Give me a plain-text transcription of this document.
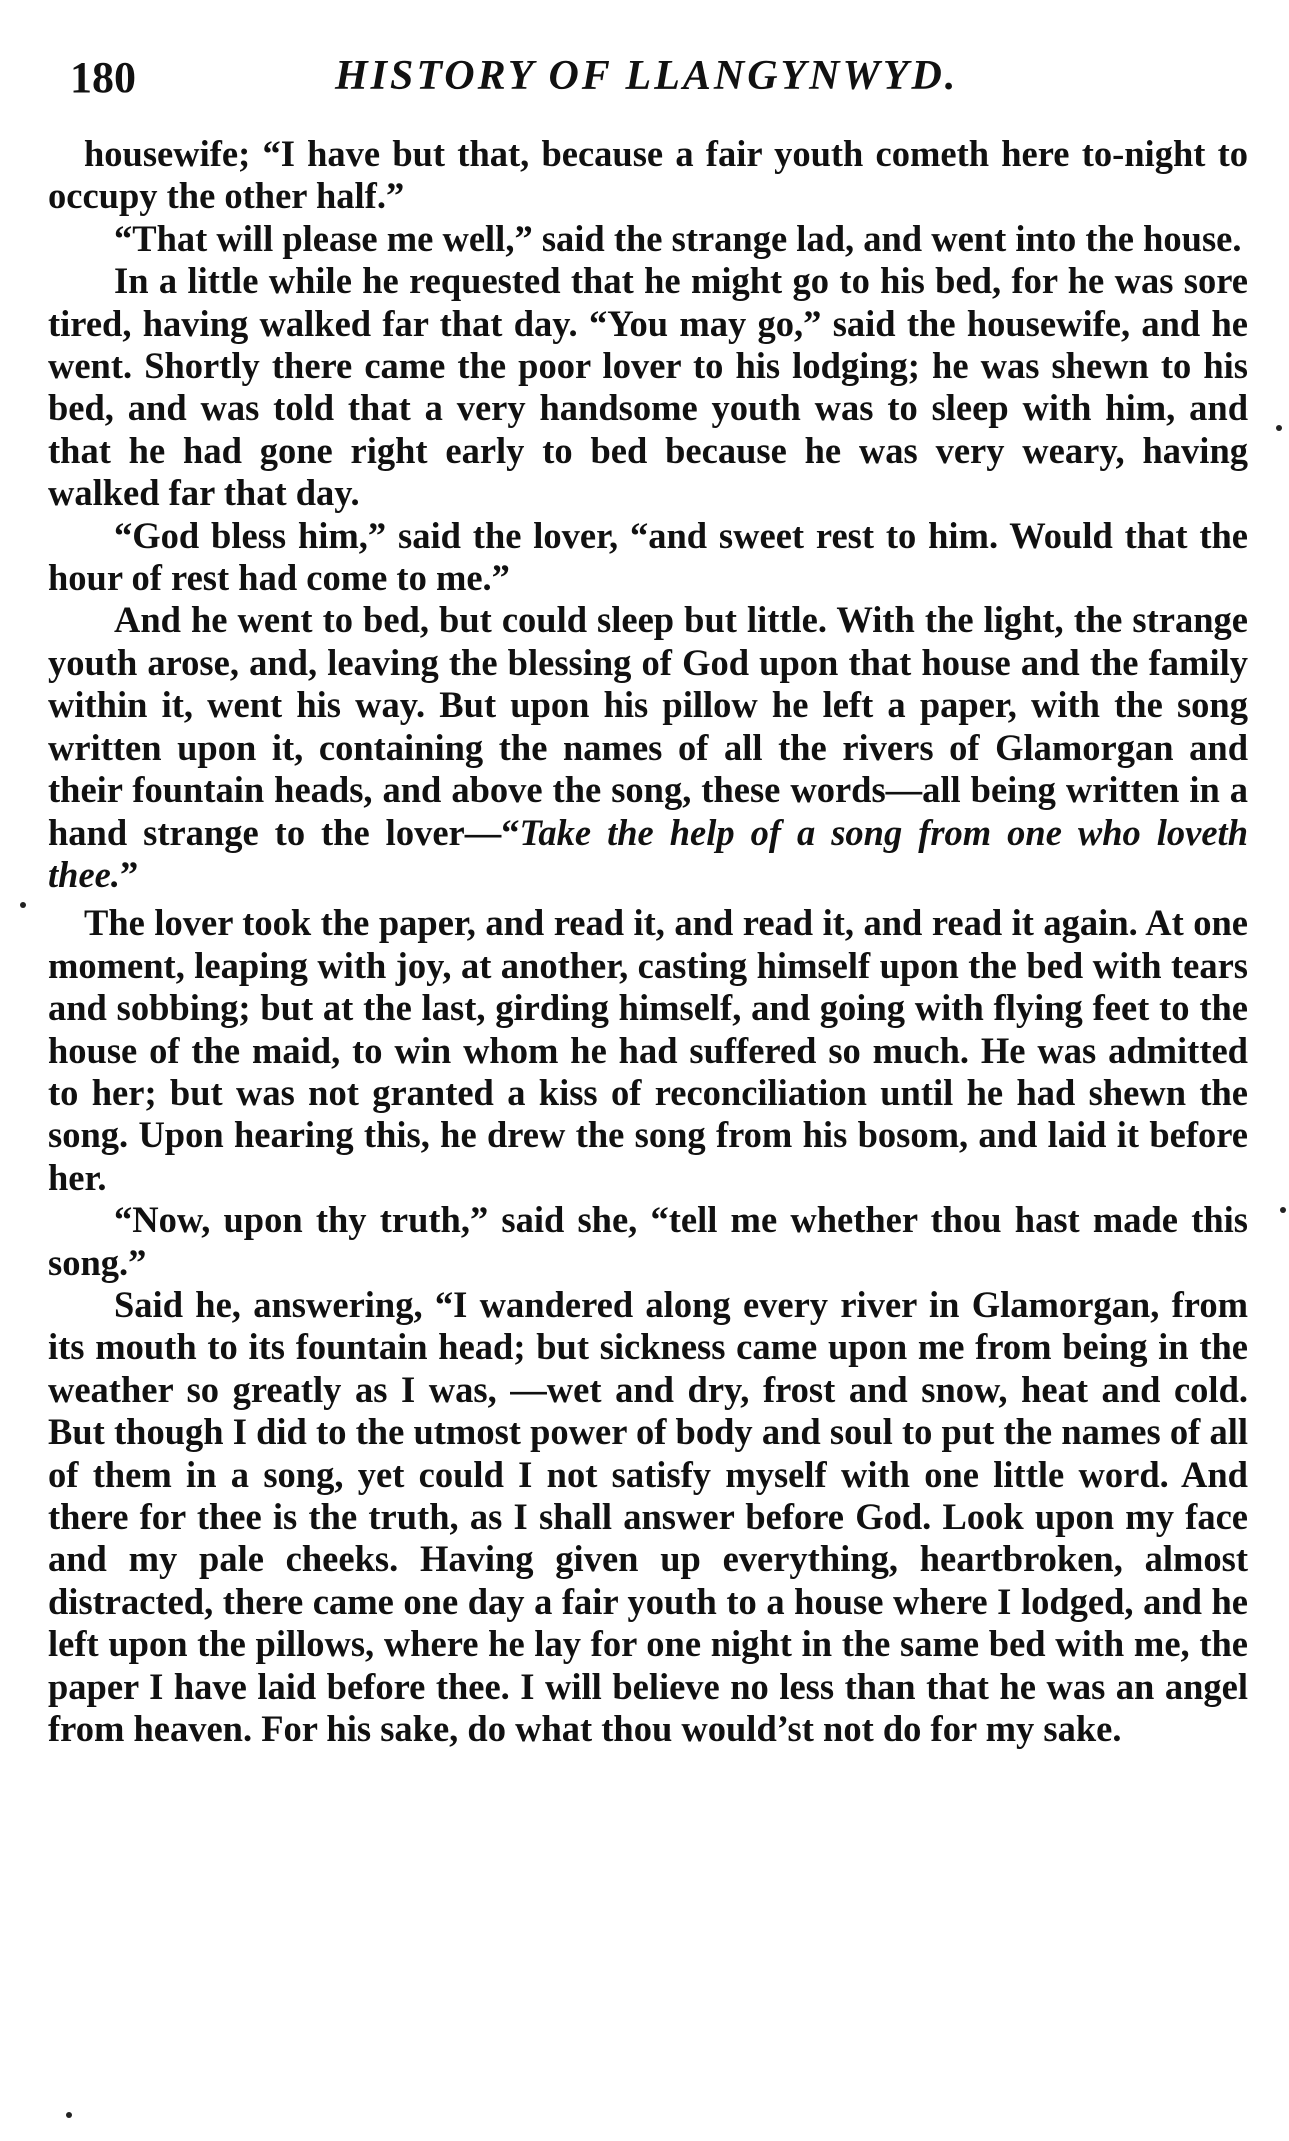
180	HISTORY OF LLANGYNWYD.

housewife; “I have but that, because a fair youth cometh here to-night to occupy the other half.”

“That will please me well,” said the strange lad, and went into the house.

In a little while he requested that he might go to his bed, for he was sore tired, having walked far that day. “You may go,” said the housewife, and he went. Shortly there came the poor lover to his lodging; he was shewn to his bed, and was told that a very handsome youth was to sleep with him, and that he had gone right early to bed because he was very weary, having walked far that day.

“God bless him,” said the lover, “and sweet rest to him. Would that the hour of rest had come to me.”

And he went to bed, but could sleep but little. With the light, the strange youth arose, and, leaving the blessing of God upon that house and the family within it, went his way. But upon his pillow he left a paper, with the song written upon it, containing the names of all the rivers of Glamorgan and their fountain heads, and above the song, these words—all being written in a hand strange to the lover—“Take the help of a song from one who loveth thee.”

The lover took the paper, and read it, and read it, and read it again. At one moment, leaping with joy, at another, casting himself upon the bed with tears and sobbing; but at the last, girding himself, and going with flying feet to the house of the maid, to win whom he had suffered so much. He was admitted to her; but was not granted a kiss of reconciliation until he had shewn the song. Upon hearing this, he drew the song from his bosom, and laid it before her.

“Now, upon thy truth,” said she, “tell me whether thou hast made this song.”

Said he, answering, “I wandered along every river in Glamorgan, from its mouth to its fountain head; but sickness came upon me from being in the weather so greatly as I was, —wet and dry, frost and snow, heat and cold. But though I did to the utmost power of body and soul to put the names of all of them in a song, yet could I not satisfy myself with one little word. And there for thee is the truth, as I shall answer before God. Look upon my face and my pale cheeks. Having given up everything, heartbroken, almost distracted, there came one day a fair youth to a house where I lodged, and he left upon the pillows, where he lay for one night in the same bed with me, the paper I have laid before thee. I will believe no less than that he was an angel from heaven. For his sake, do what thou would’st not do for my sake.
